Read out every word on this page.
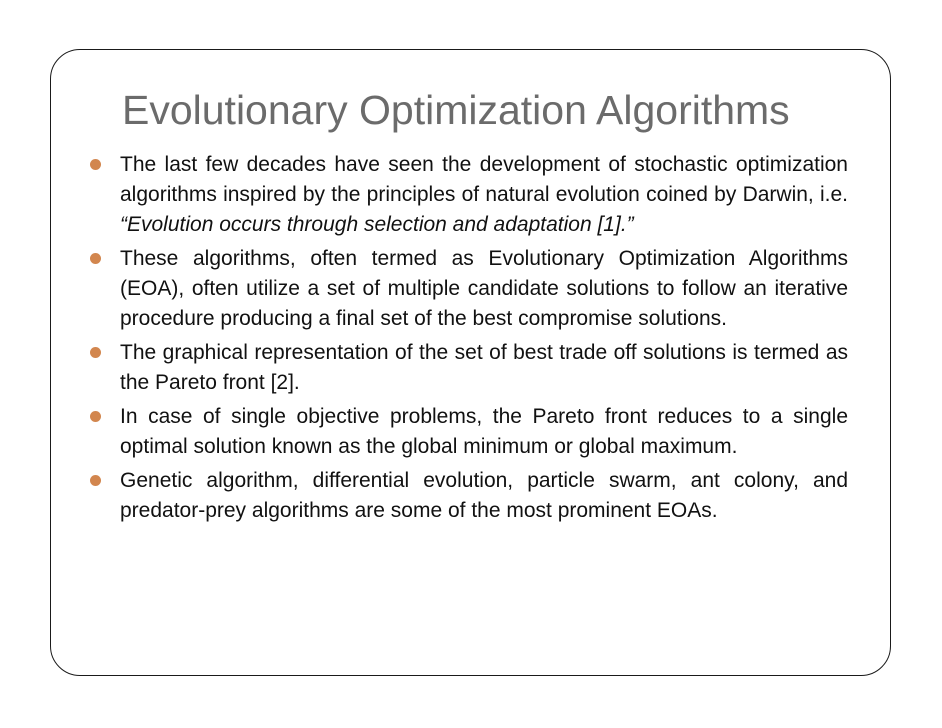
Evolutionary Optimization Algorithms
The last few decades have seen the development of stochastic optimization algorithms inspired by the principles of natural evolution coined by Darwin, i.e. “Evolution occurs through selection and adaptation [1].”
These algorithms, often termed as Evolutionary Optimization Algorithms (EOA), often utilize a set of multiple candidate solutions to follow an iterative procedure producing a final set of the best compromise solutions.
The graphical representation of the set of best trade off solutions is termed as the Pareto front [2].
In case of single objective problems, the Pareto front reduces to a single optimal solution known as the global minimum or global maximum.
Genetic algorithm, differential evolution, particle swarm, ant colony, and predator-prey algorithms are some of the most prominent EOAs.
